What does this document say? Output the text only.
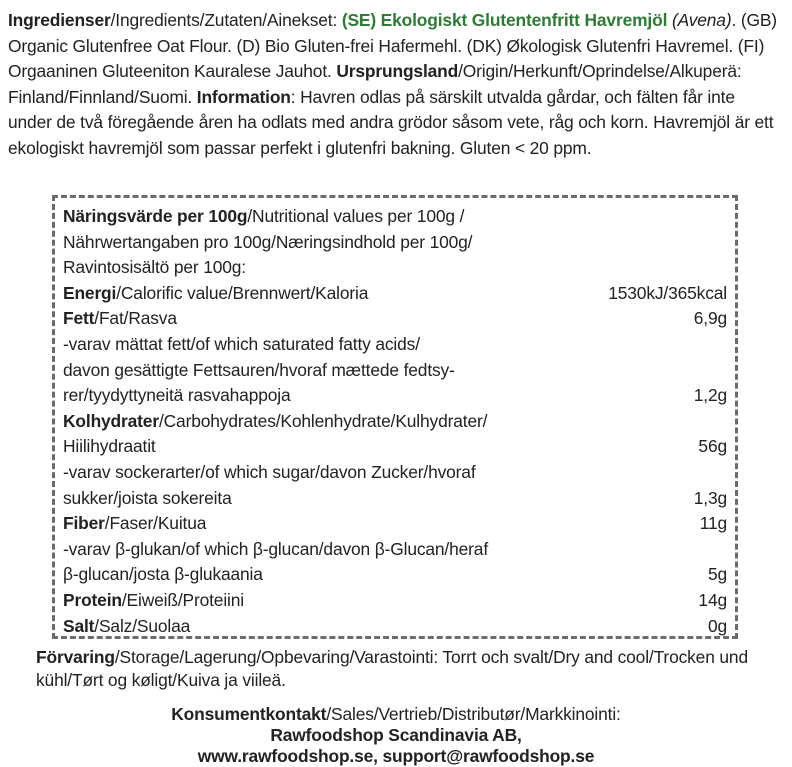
Ingredienser/Ingredients/Zutaten/Ainekset: (SE) Ekologiskt Glutentenfritt Havremjöl (Avena). (GB) Organic Glutenfree Oat Flour. (D) Bio Gluten-frei Hafermehl. (DK) Økologisk Glutenfri Havremel. (FI) Orgaaninen Gluteeniton Kauralese Jauhot. Ursprungsland/Origin/Herkunft/Oprindelse/Alkuperä: Finland/Finnland/Suomi. Information: Havren odlas på särskilt utvalda gårdar, och fälten får inte under de två föregående åren ha odlats med andra grödor såsom vete, råg och korn. Havremjöl är ett ekologiskt havremjöl som passar perfekt i glutenfri bakning. Gluten < 20 ppm.
Näringsvärde per 100g/Nutritional values per 100g /
Nährwertangaben pro 100g/Næringsindhold per 100g/
Ravintosisältö per 100g:
Energi/Calorific value/Brennwert/Kaloria	1530kJ/365kcal
Fett/Fat/Rasva	6,9g
-varav mättat fett/of which saturated fatty acids/
davon gesättigte Fettsauren/hvoraf mættede fedtsy-
rer/tyydyttyneitä rasvahappoja	1,2g
Kolhydrater/Carbohydrates/Kohlenhydrate/Kulhydrater/
Hiilihydraatit	56g
-varav sockerarter/of which sugar/davon Zucker/hvoraf
sukker/joista sokereita	1,3g
Fiber/Faser/Kuitua	11g
-varav β-glukan/of which β-glucan/davon β-Glucan/heraf
β-glucan/josta β-glukaania	5g
Protein/Eiweiß/Proteiini	14g
Salt/Salz/Suolaa	0g
Förvaring/Storage/Lagerung/Opbevaring/Varastointi: Torrt och svalt/Dry and cool/Trocken und kühl/Tørt og køligt/Kuiva ja viileä.
Konsumentkontakt/Sales/Vertrieb/Distributør/Markkinointi:
Rawfoodshop Scandinavia AB,
www.rawfoodshop.se, support@rawfoodshop.se
